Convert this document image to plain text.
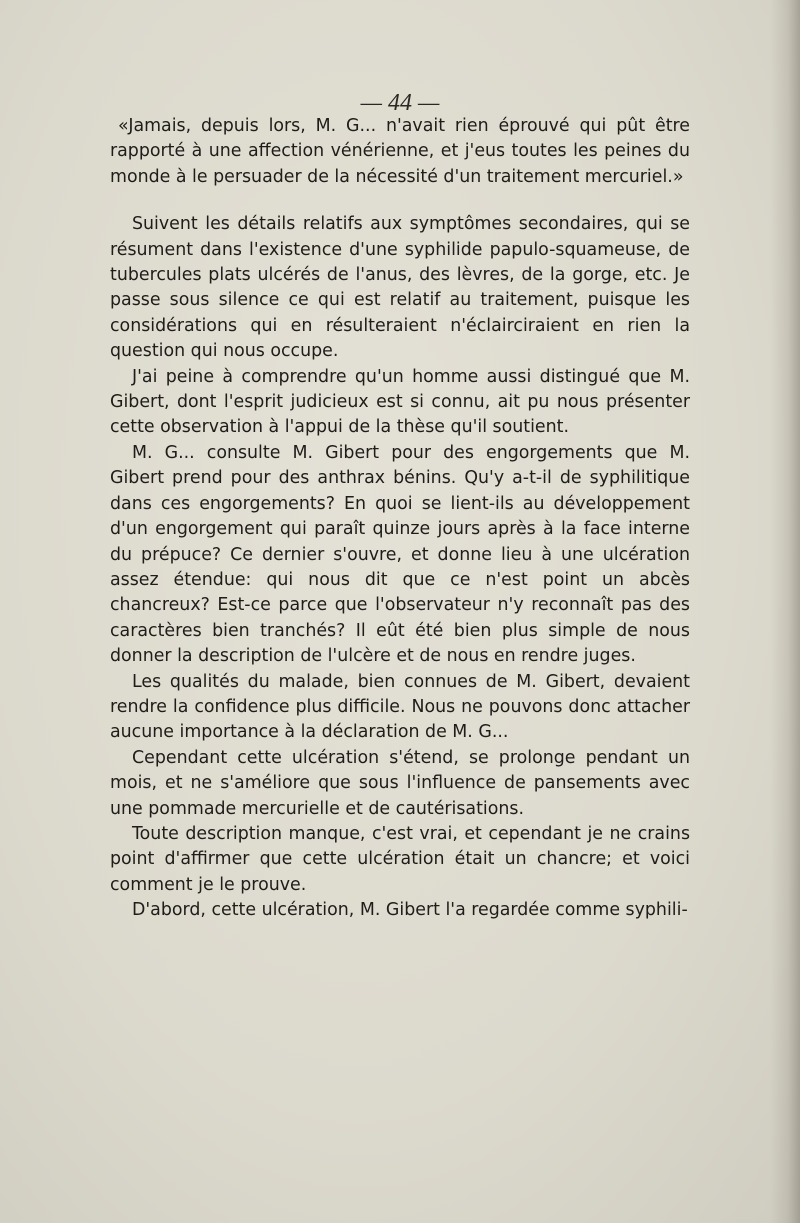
— 44 —

«Jamais, depuis lors, M. G... n'avait rien éprouvé qui pût être rapporté à une affection vénérienne, et j'eus toutes les peines du monde à le persuader de la nécessité d'un traitement mercuriel.»

Suivent les détails relatifs aux symptômes secondaires, qui se résument dans l'existence d'une syphilide papulo-squameuse, de tubercules plats ulcérés de l'anus, des lèvres, de la gorge, etc. Je passe sous silence ce qui est relatif au traitement, puisque les considérations qui en résulteraient n'éclairciraient en rien la question qui nous occupe.

J'ai peine à comprendre qu'un homme aussi distingué que M. Gibert, dont l'esprit judicieux est si connu, ait pu nous présenter cette observation à l'appui de la thèse qu'il soutient.

M. G... consulte M. Gibert pour des engorgements que M. Gibert prend pour des anthrax bénins. Qu'y a-t-il de syphilitique dans ces engorgements? En quoi se lient-ils au développement d'un engorgement qui paraît quinze jours après à la face interne du prépuce? Ce dernier s'ouvre, et donne lieu à une ulcération assez étendue: qui nous dit que ce n'est point un abcès chancreux? Est-ce parce que l'observateur n'y reconnaît pas des caractères bien tranchés? Il eût été bien plus simple de nous donner la description de l'ulcère et de nous en rendre juges.

Les qualités du malade, bien connues de M. Gibert, devaient rendre la confidence plus difficile. Nous ne pouvons donc attacher aucune importance à la déclaration de M. G...

Cependant cette ulcération s'étend, se prolonge pendant un mois, et ne s'améliore que sous l'influence de pansements avec une pommade mercurielle et de cautérisations.

Toute description manque, c'est vrai, et cependant je ne crains point d'affirmer que cette ulcération était un chancre; et voici comment je le prouve.

D'abord, cette ulcération, M. Gibert l'a regardée comme syphili-
